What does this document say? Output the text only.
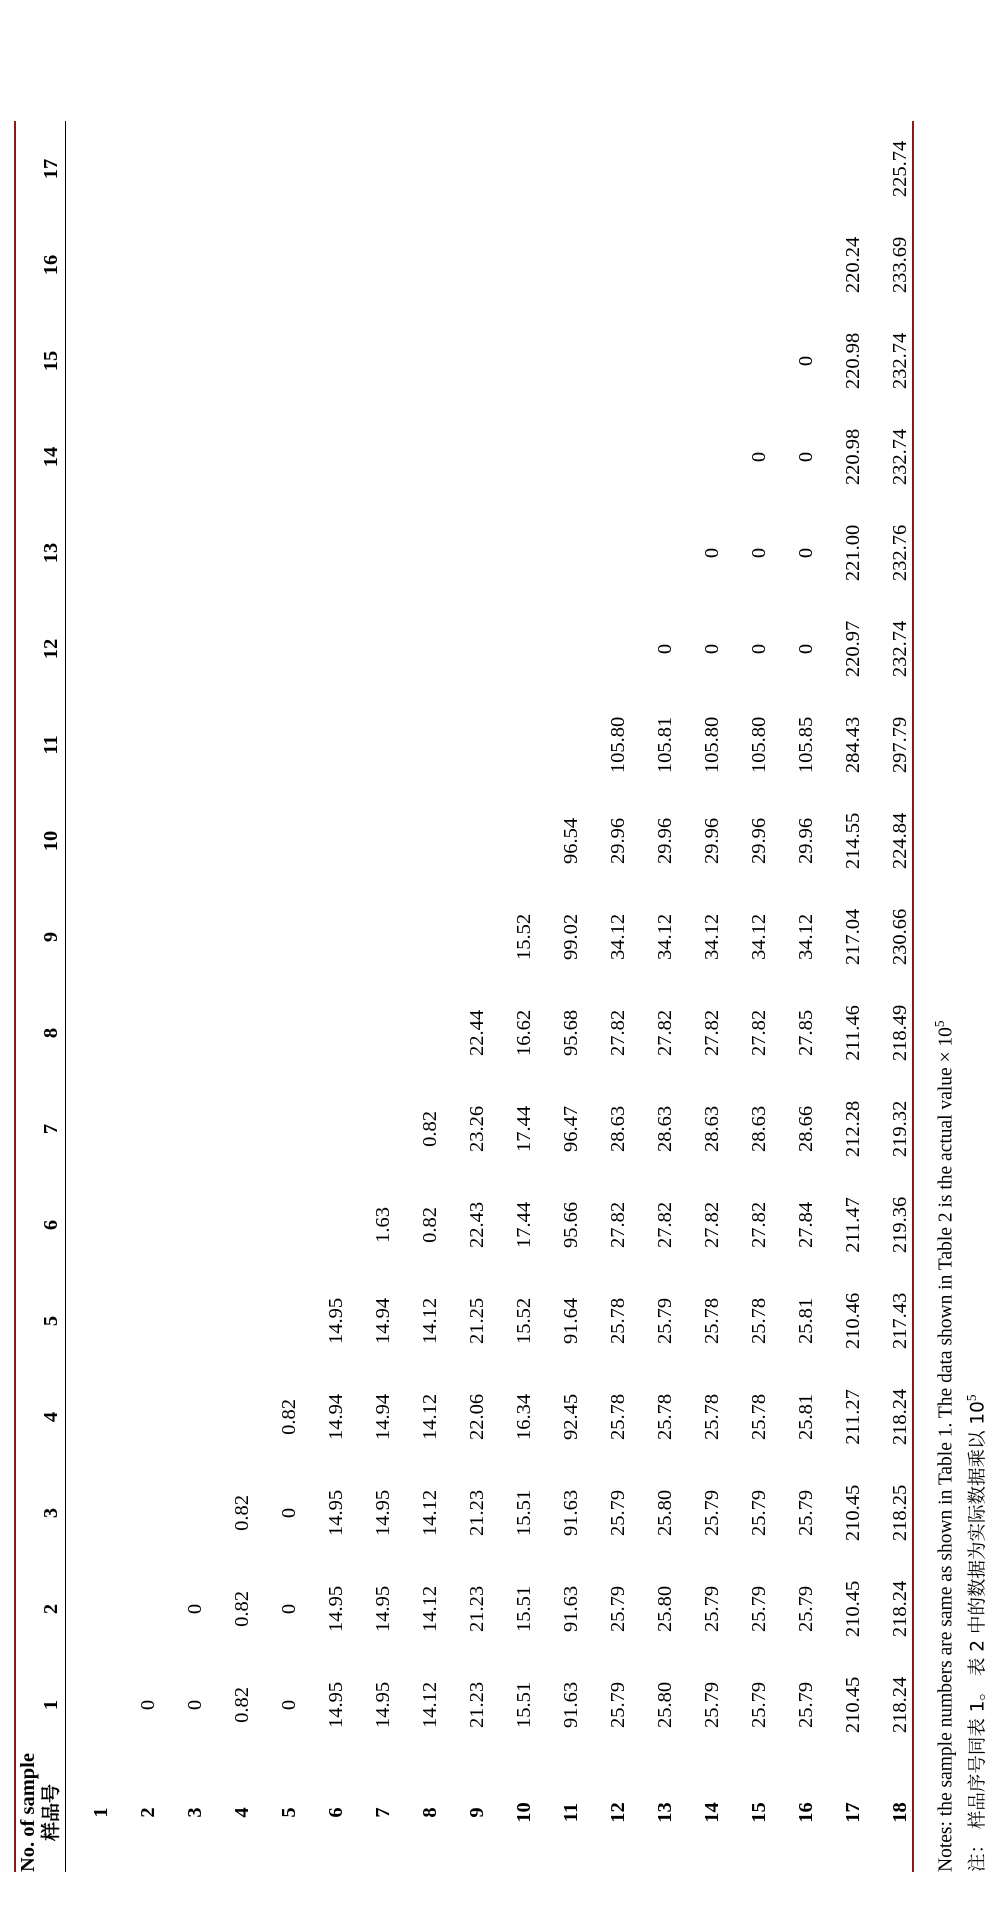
No. of sample
样品号	1	2	3	4	5	6	7	8	9	10	11	12	13	14	15	16	17
1																	
2	0																
3	0	0															
4	0.82	0.82	0.82														
5	0	0	0	0.82													
6	14.95	14.95	14.95	14.94	14.95												
7	14.95	14.95	14.95	14.94	14.94	1.63											
8	14.12	14.12	14.12	14.12	14.12	0.82	0.82										
9	21.23	21.23	21.23	22.06	21.25	22.43	23.26	22.44									
10	15.51	15.51	15.51	16.34	15.52	17.44	17.44	16.62	15.52								
11	91.63	91.63	91.63	92.45	91.64	95.66	96.47	95.68	99.02	96.54							
12	25.79	25.79	25.79	25.78	25.78	27.82	28.63	27.82	34.12	29.96	105.80						
13	25.80	25.80	25.80	25.78	25.79	27.82	28.63	27.82	34.12	29.96	105.81	0					
14	25.79	25.79	25.79	25.78	25.78	27.82	28.63	27.82	34.12	29.96	105.80	0	0				
15	25.79	25.79	25.79	25.78	25.78	27.82	28.63	27.82	34.12	29.96	105.80	0	0	0			
16	25.79	25.79	25.79	25.81	25.81	27.84	28.66	27.85	34.12	29.96	105.85	0	0	0	0		
17	210.45	210.45	210.45	211.27	210.46	211.47	212.28	211.46	217.04	214.55	284.43	220.97	221.00	220.98	220.98	220.24	
18	218.24	218.24	218.25	218.24	217.43	219.36	219.32	218.49	230.66	224.84	297.79	232.74	232.76	232.74	232.74	233.69	225.74
Notes: the sample numbers are same as shown in Table 1. The data shown in Table 2 is the actual value × $10^5$
注： 样品序号同表 1。 表 2 中的数据为实际数据乘以 $10^5$
